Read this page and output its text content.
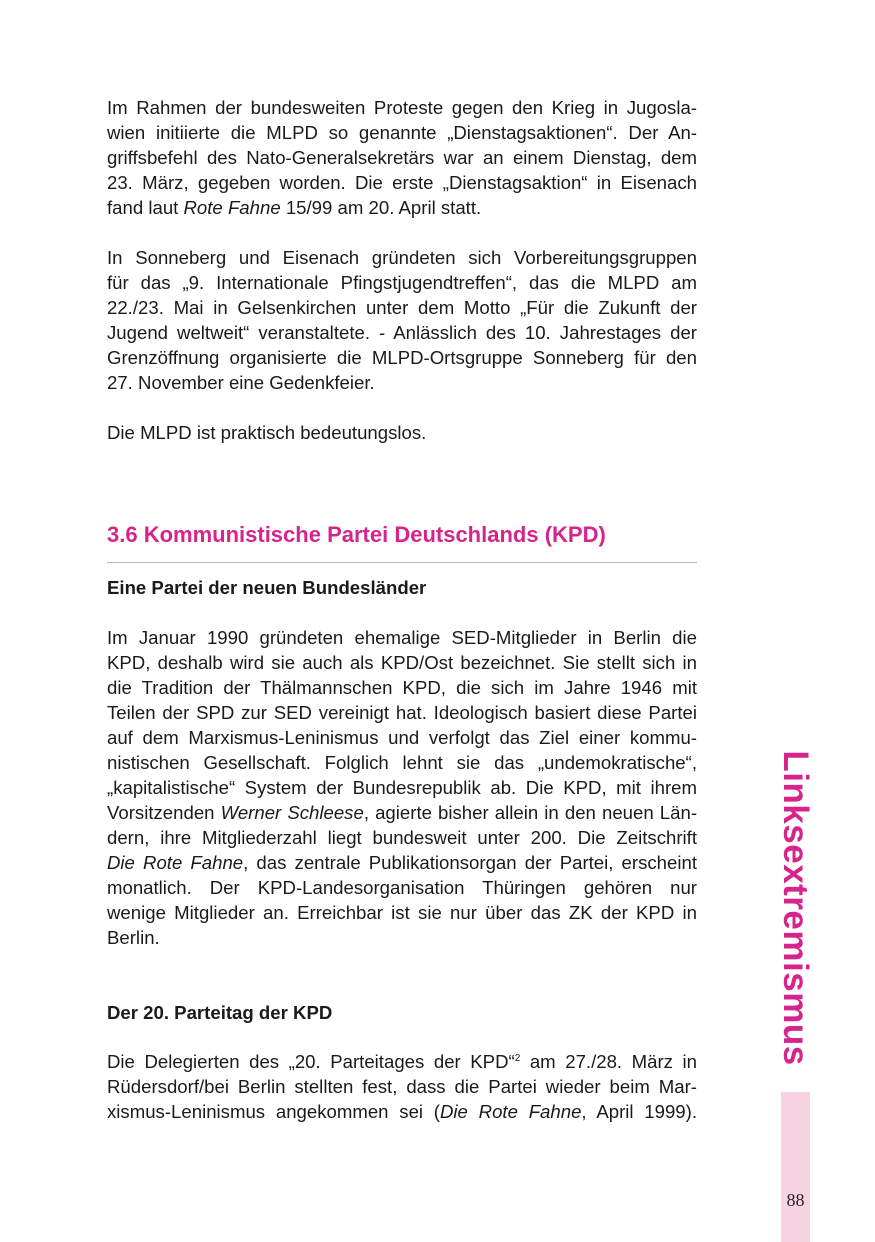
Im Rahmen der bundesweiten Proteste gegen den Krieg in Jugosla-

wien initiierte die MLPD so genannte „Dienstagsaktionen“. Der An-

griffsbefehl des Nato-Generalsekretärs war an einem Dienstag, dem

23. März, gegeben worden. Die erste „Dienstagsaktion“ in Eisenach

fand laut Rote Fahne 15/99 am 20. April statt.

In Sonneberg und Eisenach gründeten sich Vorbereitungsgruppen

für das „9. Internationale Pfingstjugendtreffen“, das die MLPD am

22./23. Mai in Gelsenkirchen unter dem Motto „Für die Zukunft der

Jugend weltweit“ veranstaltete. - Anlässlich des 10. Jahrestages der

Grenzöffnung organisierte die MLPD-Ortsgruppe Sonneberg für den

27. November eine Gedenkfeier.

Die MLPD ist praktisch bedeutungslos.

3.6 Kommunistische Partei Deutschlands (KPD)
Eine Partei der neuen Bundesländer

Im Januar 1990 gründeten ehemalige SED-Mitglieder in Berlin die

KPD, deshalb wird sie auch als KPD/Ost bezeichnet. Sie stellt sich in

die Tradition der Thälmannschen KPD, die sich im Jahre 1946 mit

Teilen der SPD zur SED vereinigt hat. Ideologisch basiert diese Partei

auf dem Marxismus-Leninismus und verfolgt das Ziel einer kommu-

nistischen Gesellschaft. Folglich lehnt sie das „undemokratische“,

„kapitalistische“ System der Bundesrepublik ab. Die KPD, mit ihrem

Vorsitzenden Werner Schleese, agierte bisher allein in den neuen Län-

dern, ihre Mitgliederzahl liegt bundesweit unter 200. Die Zeitschrift

Die Rote Fahne, das zentrale Publikationsorgan der Partei, erscheint

monatlich. Der KPD-Landesorganisation Thüringen gehören nur

wenige Mitglieder an. Erreichbar ist sie nur über das ZK der KPD in

Berlin.

Der 20. Parteitag der KPD

Die Delegierten des „20. Parteitages der KPD“$^2$ am 27./28. März in

Rüdersdorf/bei Berlin stellten fest, dass die Partei wieder beim Mar-

xismus-Leninismus angekommen sei (Die Rote Fahne, April 1999).

Linksextremismus
88
